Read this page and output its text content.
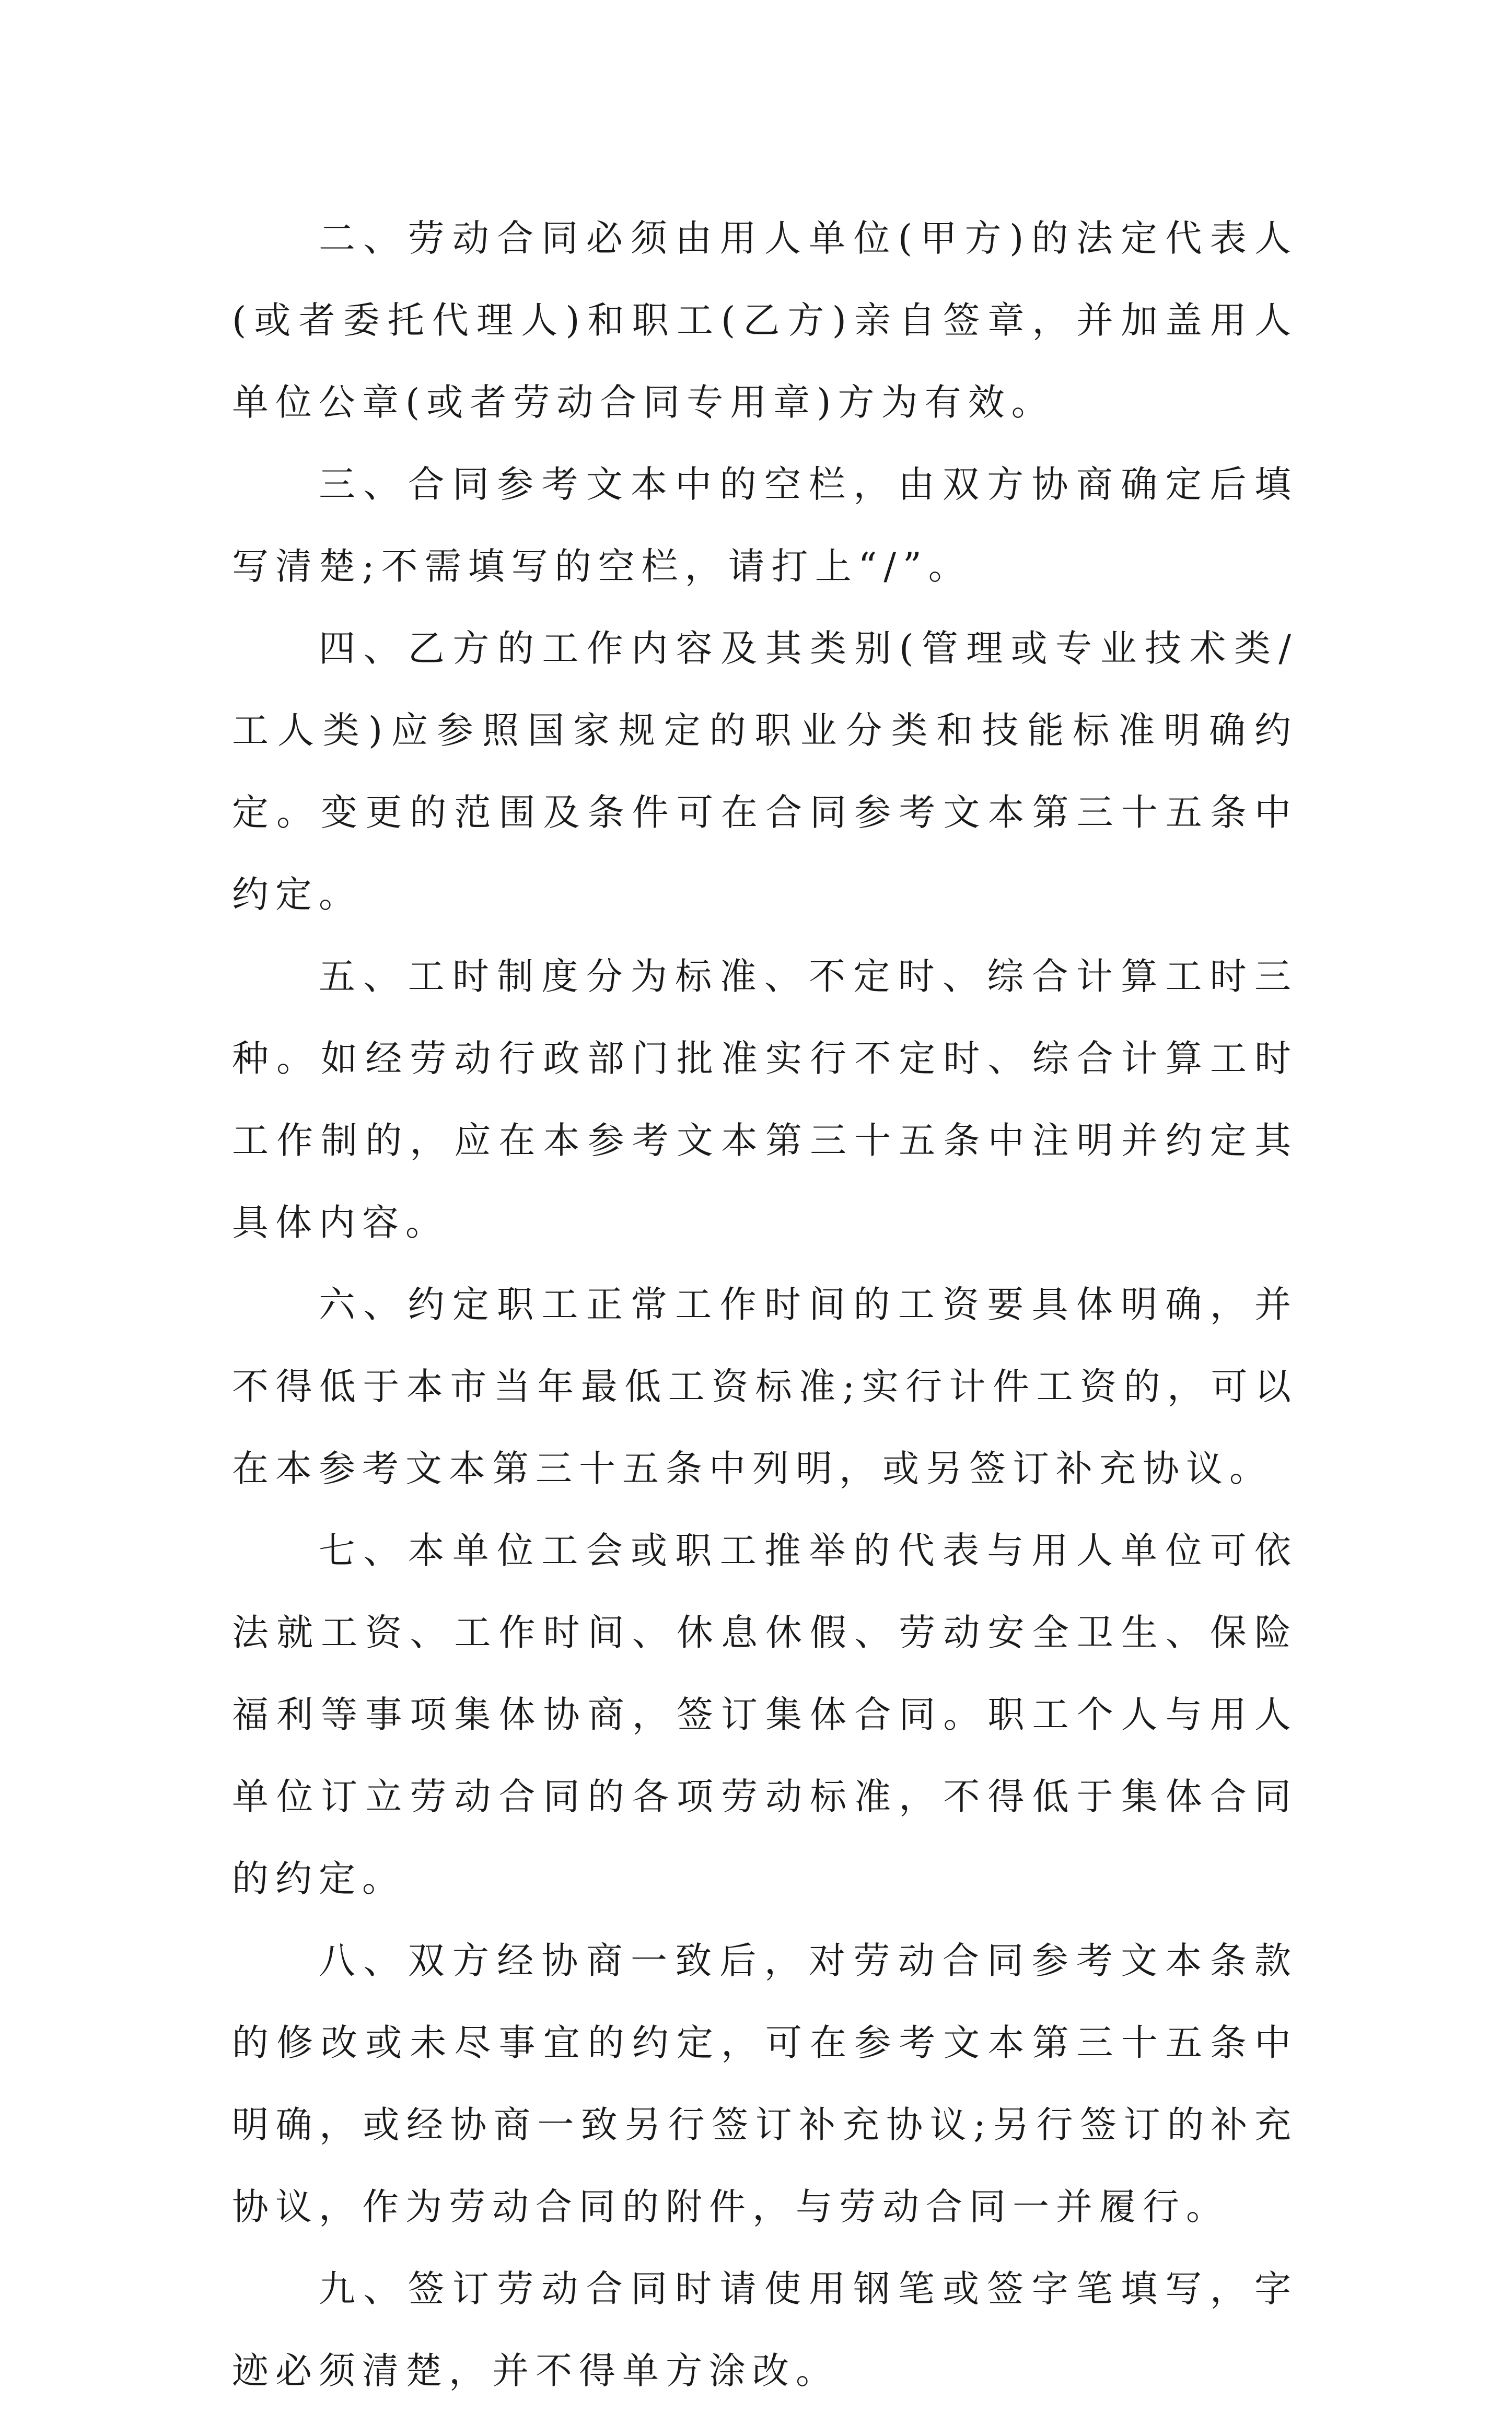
二、劳动合同必须由用人单位(甲方)的法定代表人(或者委托代理人)和职工(乙方)亲自签章，并加盖用人单位公章(或者劳动合同专用章)方为有效。

三、合同参考文本中的空栏，由双方协商确定后填写清楚;不需填写的空栏，请打上“/”。

四、乙方的工作内容及其类别(管理或专业技术类/工人类)应参照国家规定的职业分类和技能标准明确约定。变更的范围及条件可在合同参考文本第三十五条中约定。

五、工时制度分为标准、不定时、综合计算工时三种。如经劳动行政部门批准实行不定时、综合计算工时工作制的，应在本参考文本第三十五条中注明并约定其具体内容。

六、约定职工正常工作时间的工资要具体明确，并不得低于本市当年最低工资标准;实行计件工资的，可以在本参考文本第三十五条中列明，或另签订补充协议。

七、本单位工会或职工推举的代表与用人单位可依法就工资、工作时间、休息休假、劳动安全卫生、保险福利等事项集体协商，签订集体合同。职工个人与用人单位订立劳动合同的各项劳动标准，不得低于集体合同的约定。

八、双方经协商一致后，对劳动合同参考文本条款的修改或未尽事宜的约定，可在参考文本第三十五条中明确，或经协商一致另行签订补充协议;另行签订的补充协议，作为劳动合同的附件，与劳动合同一并履行。

九、签订劳动合同时请使用钢笔或签字笔填写，字迹必须清楚，并不得单方涂改。
